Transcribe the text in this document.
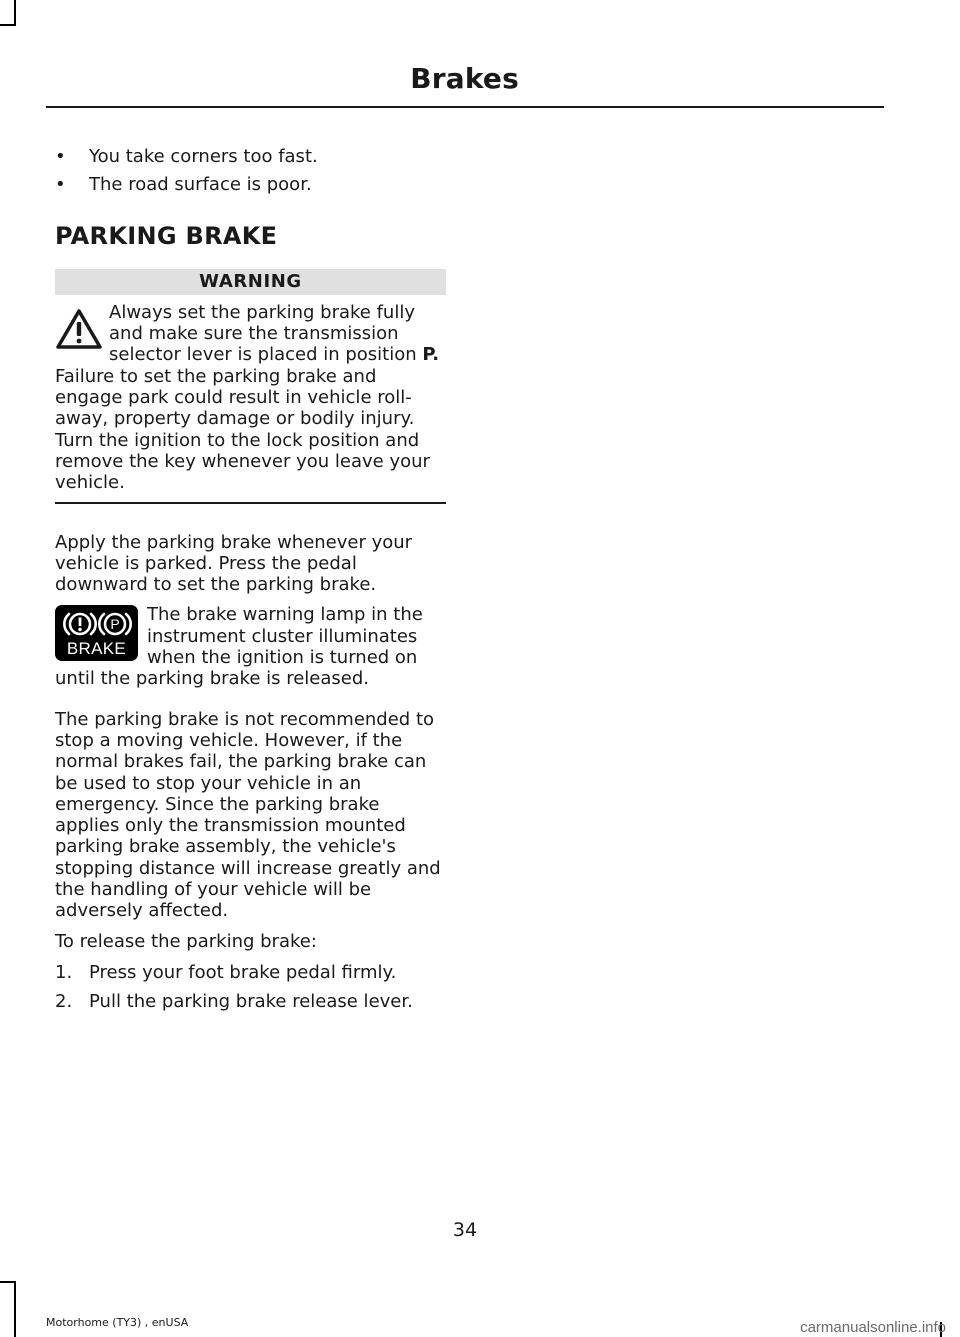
Brakes
• You take corners too fast.
• The road surface is poor.
PARKING BRAKE
WARNING
Always set the parking brake fully and make sure the transmission selector lever is placed in position P. Failure to set the parking brake and engage park could result in vehicle roll-away, property damage or bodily injury. Turn the ignition to the lock position and remove the key whenever you leave your vehicle.

Apply the parking brake whenever your vehicle is parked. Press the pedal downward to set the parking brake.

P
BRAKE
The brake warning lamp in the instrument cluster illuminates when the ignition is turned on until the parking brake is released.

The parking brake is not recommended to stop a moving vehicle. However, if the normal brakes fail, the parking brake can be used to stop your vehicle in an emergency. Since the parking brake applies only the transmission mounted parking brake assembly, the vehicle's stopping distance will increase greatly and the handling of your vehicle will be adversely affected.

To release the parking brake:

1. Press your foot brake pedal firmly.
2. Pull the parking brake release lever.
34
Motorhome (TY3) , enUSA	carmanualsonline.info
